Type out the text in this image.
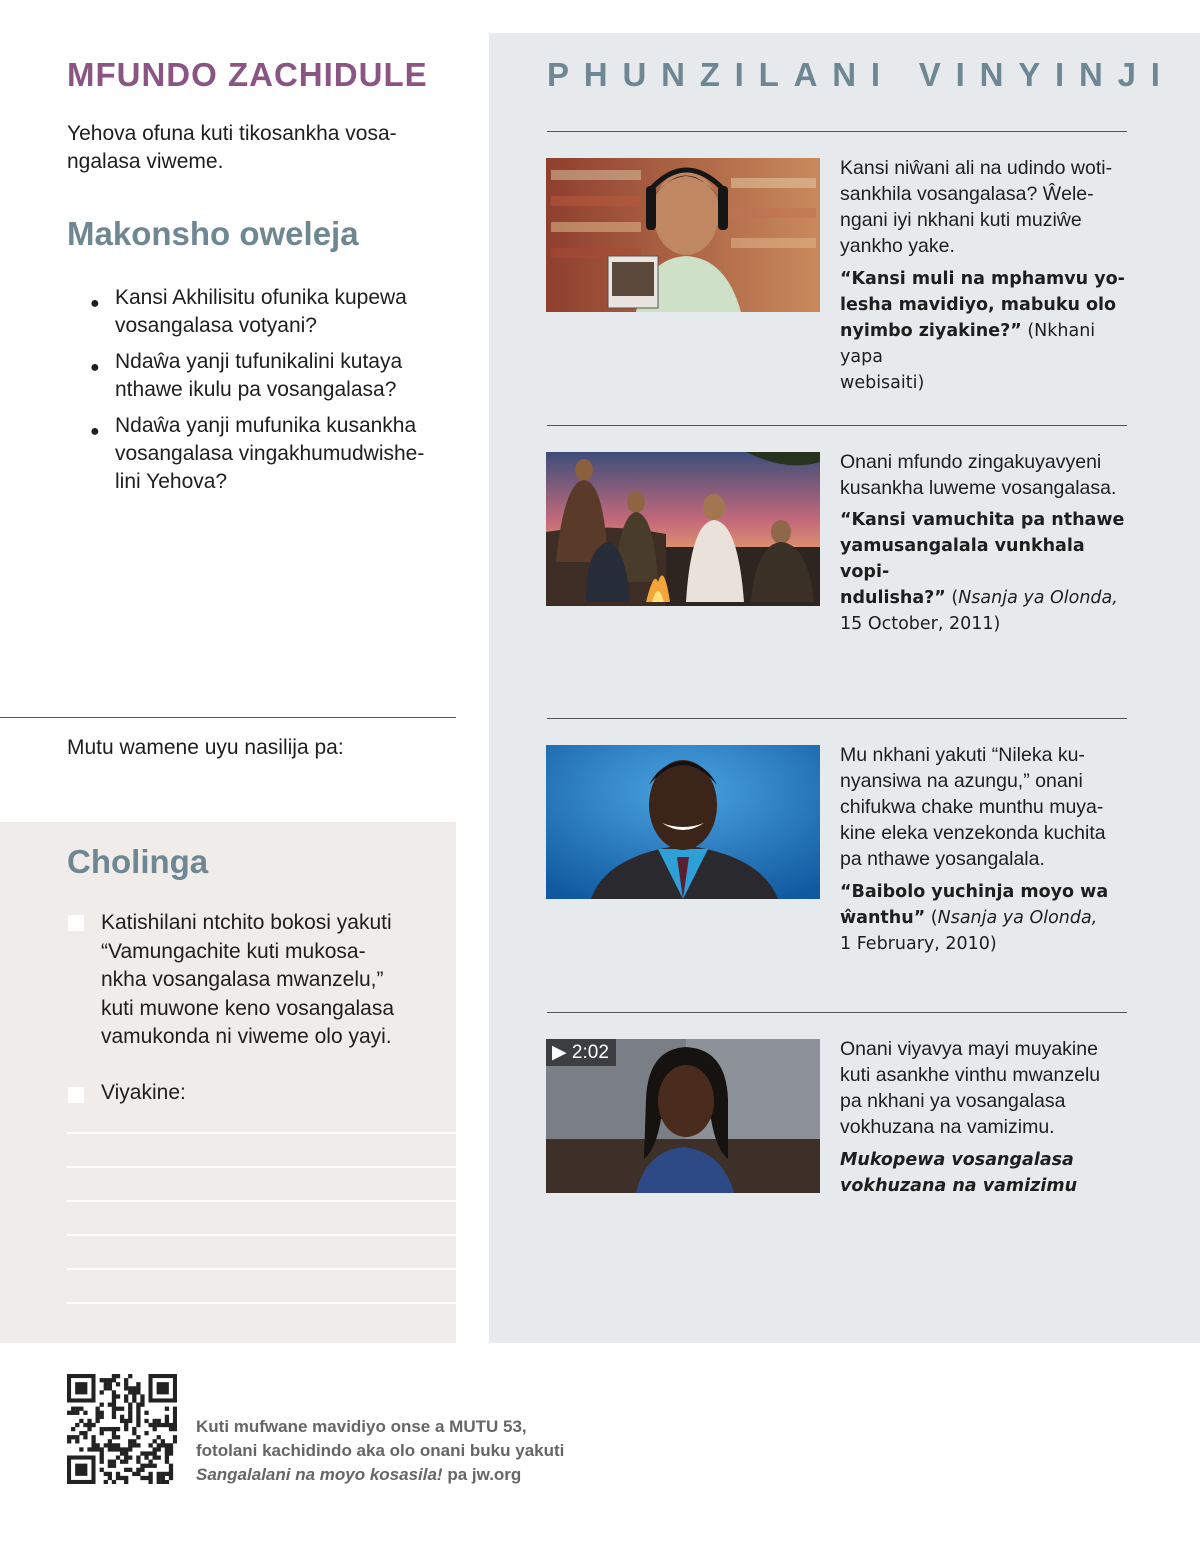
MFUNDO ZACHIDULE
Yehova ofuna kuti tikosankha vosa-
ngalasa viweme.
Makonsho oweleja
● Kansi Akhilisitu ofunika kupewa
vosangalasa votyani?
● Ndaŵa yanji tufunikalini kutaya
nthawe ikulu pa vosangalasa?
● Ndaŵa yanji mufunika kusankha
vosangalasa vingakhumudwishe-
lini Yehova?
Mutu wamene uyu nasilija pa:
Cholinga
Katishilani ntchito bokosi yakuti
“Vamungachite kuti mukosa-
nkha vosangalasa mwanzelu,”
kuti muwone keno vosangalasa
vamukonda ni viweme olo yayi.
Viyakine:
PHUNZILANI VINYINJI
Kansi niŵani ali na udindo woti-
sankhila vosangalasa? Ŵele-
ngani iyi nkhani kuti muziŵe
yankho yake.
“Kansi muli na mphamvu yo-
lesha mavidiyo, mabuku olo
nyimbo ziyakine?” (Nkhani yapa
webisaiti)
Onani mfundo zingakuyavyeni
kusankha luweme vosangalasa.
“Kansi vamuchita pa nthawe
yamusangalala vunkhala vopi-
ndulisha?” (Nsanja ya Olonda,
15 October, 2011)
Mu nkhani yakuti “Nileka ku-
nyansiwa na azungu,” onani
chifukwa chake munthu muya-
kine eleka venzekonda kuchita
pa nthawe yosangalala.
“Baibolo yuchinja moyo wa
ŵanthu” (Nsanja ya Olonda,
1 February, 2010)
▶ 2:02	Onani viyavya mayi muyakine
kuti asankhe vinthu mwanzelu
pa nkhani ya vosangalasa
vokhuzana na vamizimu.
Mukopewa vosangalasa
vokhuzana na vamizimu
Kuti mufwane mavidiyo onse a MUTU 53,
fotolani kachidindo aka olo onani buku yakuti
Sangalalani na moyo kosasila! pa jw.org
